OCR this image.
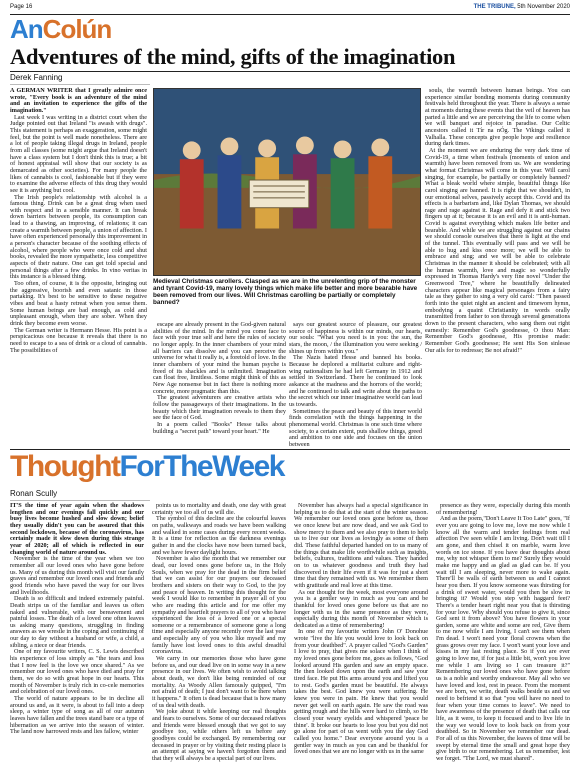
Page 16	THE TRIBUNE, 5th November 2020
AnColún
Adventures of the mind, gifts of the imagination
Derek Fanning

A GERMAN WRITER that I greatly admire once wrote, "Every book is an adventure of the mind and an invitation to experience the gifts of the imagination."

Last week I was writing in a district court when the Judge pointed out that Ireland "is awash with drugs". This statement is perhaps an exaggeration, some might feel, but the point is well made nonetheless. There are a lot of people taking illegal drugs in Ireland, people from all classes (some might argue that Ireland doesn't have a class system but I don't think this is true; a bit of honest appraisal will show that our society is as demarcated as other societies). For many people the likes of cannabis is cool, fashionable but if they were to examine the adverse effects of this drug they would see it is anything but cool.

The Irish people's relationship with alcohol is a famous thing. Drink can be a great drug when used with respect and in a sensible manner. It can break down barriers between people, its consumption can lead to a thawing, an improving, of relations; it can create a warmth between people, a union of affection. I have often experienced personally this improvement in a person's character because of the soothing effects of alcohol, where people who were once cold and shut books, revealed the more sympathetic, less competitive aspects of their nature. One can get told special and personal things after a few drinks. In vino veritas in this instance is a blessed thing.

Too often, of course, it is the opposite, bringing out the aggressive, boorish and even satanic in those partaking. It's best to be sensitive to these negative vibes and beat a hasty retreat when you sense them. Some human beings are bad enough, as cold and unpleasant enough, when they are sober. When they drink they become even worse.

The German writer is Hermann Hesse. His point is a perspicacious one because it reveals that there is no need to escape to a sea of drink or a cloud of cannabis. The possibilities of

Medieval Christmas carollers. Clasped as we are in the unrelenting grip of the monster and tyrant Covid-19, many lovely things which make life better and more bearable have been removed from our lives. Will Christmas carolling be partially or completely banned?

escape are already present in the God-given natural abilities of the mind. In the mind you come face to face with your true self and here the rules of society no longer apply. In the inner chambers of your mind all barriers can dissolve and you can perceive the universe for what it really is, a foretold of love. In the inner chambers of your mind the human psyche is freed of its shackles and is unlimited. Imagination can float free, limitless. Some might think of this as New Age nonsense but in fact there is nothing more concrete, more pragmatic than this.

The greatest adventurers are creative artists who follow the passageways of their imaginations. In the beauty which their imagination reveals to them they see the face of God.

In a poem called "Books" Hesse talks about building a "secret path" toward your heart." He

says our greatest source of pleasure, our greatest source of happiness is within our minds, our hearts, our souls: "What you need is in you: the sun, the stars, the moon, / the illumination you were seeking / shines up from within you."

The Nazis hated Hesse and banned his books. Because he deplored a militarist culture and right-wing nationalism he had left Germany in 1912 and settled in Switzerland. There he continued to look askance at the madness and the horrors of the world; and he continued to talk and write about the paths to the secret which our inner imaginative world can lead us towards.

Sometimes the peace and beauty of this inner world finds correlation with the things happening in the phenomenal world. Christmas is one such time where society, to a certain extent, puts shallow things, greed and ambition to one side and focuses on the union between

souls, the warmth between human beings. You can experience similar bonding moments during community festivals held throughout the year. There is always a sense at moments during these events that the veil of heaven has parted a little and we are perceiving the life to come when we will banquet and rejoice in paradise. Our Celtic ancestors called it Tír na nÓg. The Vikings called it Valhalla. These concepts give people hope and resilience during dark times.

At the moment we are enduring the very dark time of Covid-19, a time when festivals (moments of union and warmth) have been removed from us. We are wondering what format Christmas will come in this year. Will carol singing, for example, be partially or completely banned? What a bleak world where simple, beautiful things like carol singing are banned. It is right that we shouldn't, in our emotional selves, passively accept this. Covid and its effects is a barbarism and, like Dylan Thomas, we should rage and rage against it. Rage and defy it and stick two fingers up at it; because it is an evil and it is anti-human. Covid is against everything which makes life better and bearable. And while we are struggling against our chains we should console ourselves that there is light at the end of the tunnel. This eventually will pass and we will be able to hug and kiss once more; we will be able to embrace and sing; and we will be able to celebrate Christmas in the manner it should be celebrated; with all the human warmth, love and magic so wonderfully expressed in Thomas Hardy's very fine novel "Under the Greenwood Tree," where he beautifully delineated characters appear like magical personages from a fairy tale as they gather to sing a very old carol: "Then passed forth into the quiet night an ancient and timeworn hymn, embodying a quaint Christianity in words orally transmitted from father to son through several generations down to the present characters, who sang them out right earnestly: Remember God's goodnesse, O thou Man: Remember God's goodnesse, His promise made: Remember God's goodnesse; He sent His Son sinlesse Our ails for to redresse; Be not afraid!"

ThoughtForTheWeek
Ronan Scully

IT'S the time of year again when the shadows lengthen and our evenings fall quickly and our busy lives become hushed and slow down; belief they usually didn't you can be assured that this second lockdown, because of the coronavirus, has certainly made it slow down during this strange year of 2020; all of which is reflected in our changing world of nature around us.

November is the time of the year when we too remember all our loved ones who have gone before us. Many of us during this month will visit our family graves and remember our loved ones and friends and good friends who have paved the way for our lives and livelihoods.

Death is so difficult and indeed extremely painful. Death strips us of the familiar and leaves us often naked and vulnerable, with our bereavement and painful losses. The death of a loved one often leaves us asking many questions, struggling in finding answers as we wrestle in the coping and continuing of our day to day without a husband or wife, a child, a sibling, a niece or dear friends.

One of my favourite writers, C. S. Lewis described his experience of loss simply as "the tears and loss that I now feel is the love we once shared." As we remember our loved ones who have died and pray for them, we do so with great hope in our hearts. This month of November is truly rich in co-cele memories and celebration of our loved ones.

The world of nature appears to be in decline all around us and, as it were, is about to fall into a deep sleep, a winter type of song as all of our autumn leaves have fallen and the trees stand bare or a type of hibernation as we arrive into the season of winter. The land now harrowed rests and lies fallow, winter

points us to mortality and death, one day with great certainty we too all of us will die.

The symbol of this decline are the colourful leaves on paths, walkways and roads we have been walking and walked in some cases during every recent weeks. It is a time for reflection as the darkness evenings gather in and the clocks have now been turned back, and we have fewer daylight hours.

November is also the month that we remember our dead, our loved ones gone before us, in the Holy Souls, when we pray for the dead in the firm belief that we can assist for our prayers our deceased brothers and sisters on their way to God, to the joy and peace of heaven. In writing this thought for the week I would like to remember in prayer all of you who are reading this article and for me offer my sympathy and heartfelt prayers to all of you who have experienced the loss of a loved one or a special someone or a remembrance of someone gone a long time and especially anyone recently over the last year and especially any of you who like myself and my family have lost loved ones to this awful dreadful coronavirus.

We carry in our memories those who have gone before us, and our dead live on in some way in a new presence in our lives. We often wish to avoid talking about death, we don't like being reminded of our mortality. As Woody Allen famously quipped, "I'm not afraid of death; I just don't want to be there when it happens." It often is dead because that is how many of us deal with death.

We joke about it while keeping our real thoughts and fears to ourselves. Some of our deceased relatives and friends were blessed enough that we got to say goodbye too, while others left us before any goodbyes could be exchanged. By remembering our deceased in prayer or by visiting their resting place is an attempt at saying we haven't forgotten them and that they will always be a special part of our lives.

November has always had a special significance in helping us to do that at the start of the winter season. We remember our loved ones gone before us, those we once knew but are now dead, and we ask God to show mercy to them and we also pray to them to help us to live our our lives as lovingly as some of them did. These faithful departed handed on to us many of the things that make life worthwhile such as insights, beliefs, cultures, traditions and values. They handed on to us whatever goodness and truth they had discovered in their life even if it was for just a short time that they remained with us. We remember them with gratitude and real love at this time.

As our thought for the week, most everyone around you is a gentler way in much as you can and be thankful for loved ones gone before us that are no longer with us in the same presence as they were, especially during this month of November which is dedicated as a time of remembering!

In one of my favourite writers John O' Donohue wrote "live the life you would love to look back on from your deathbed". A prayer called "God's Garden" I love to pray, that gives me solace when I think of my loved ones gone before me, goes as follows, "God looked around His garden and saw an empty space. He then looked down upon the earth and saw your tired face. He put His arms around you and lifted you to rest. God's garden must be beautiful. He always takes the best. God knew you were suffering. He knew you were in pain. He knew that you would never get well on earth again. He saw the road was getting rough and the hills were hard to climb, so He closed your weary eyelids and whispered 'peace be thine'. It broke our hearts to lose you but you did not go alone for part of us went with you the day God called you home." Dear everyone around you is a gentler way in much as you can and be thankful for loved ones that we are no longer with us in the same

presence as they were, especially during this month of remembering!

And as the poem,"Don't Leave It Too Late" goes, "If ever you are going to love me, love me now while I know all the warm and tender feelings from real affection I've seen while I am living. Don't wait till I am gone, and then chisel it on marble, warm love words on ice stone. If you have dear thoughts about me, why not whisper them to me? Surely they would make me happy and as glad as glad can be. If you wait till I am sleeping, never more to wake again. There'll be walls of earth between us and I cannot hear you then. If you know someone was thirsting for a drink of sweet water, would you then be slow in bringing it? Would you step with haggard feet? There's a tender heart right near you that is thirsting for your love. Why should you refuse to give it, since God sent it from above? You have flowers in your garden, some are white and some are red, Give them to me now while I am living, I can't see them when I'm dead. I won't need your floral crowns when the grass grows over my face. I won't want your love and kisses in my last resting place. So if you are ever going to love me, if for just a little bit, won't you love me while I am living so I can treasure it?" Remembering our loved ones who have gone before us is a noble and worthy endeavour. May all who we have loved and lost, rest in peace. From the moment we are born, we write, death walks beside us and we need to befriend it so that "you will have no need to fear when your time comes to leave". We need to have awareness of the presence of death that calls our life, as it were, to keep it focused and to live life in the way we would love to look back on from your deathbed. So in November we remember our dead. For all of us this November, the leaves of time will be swept by eternal time the small and great hope they give birth to our remembering. Let us remember, lest we forget. "The Lord, we must shared".
